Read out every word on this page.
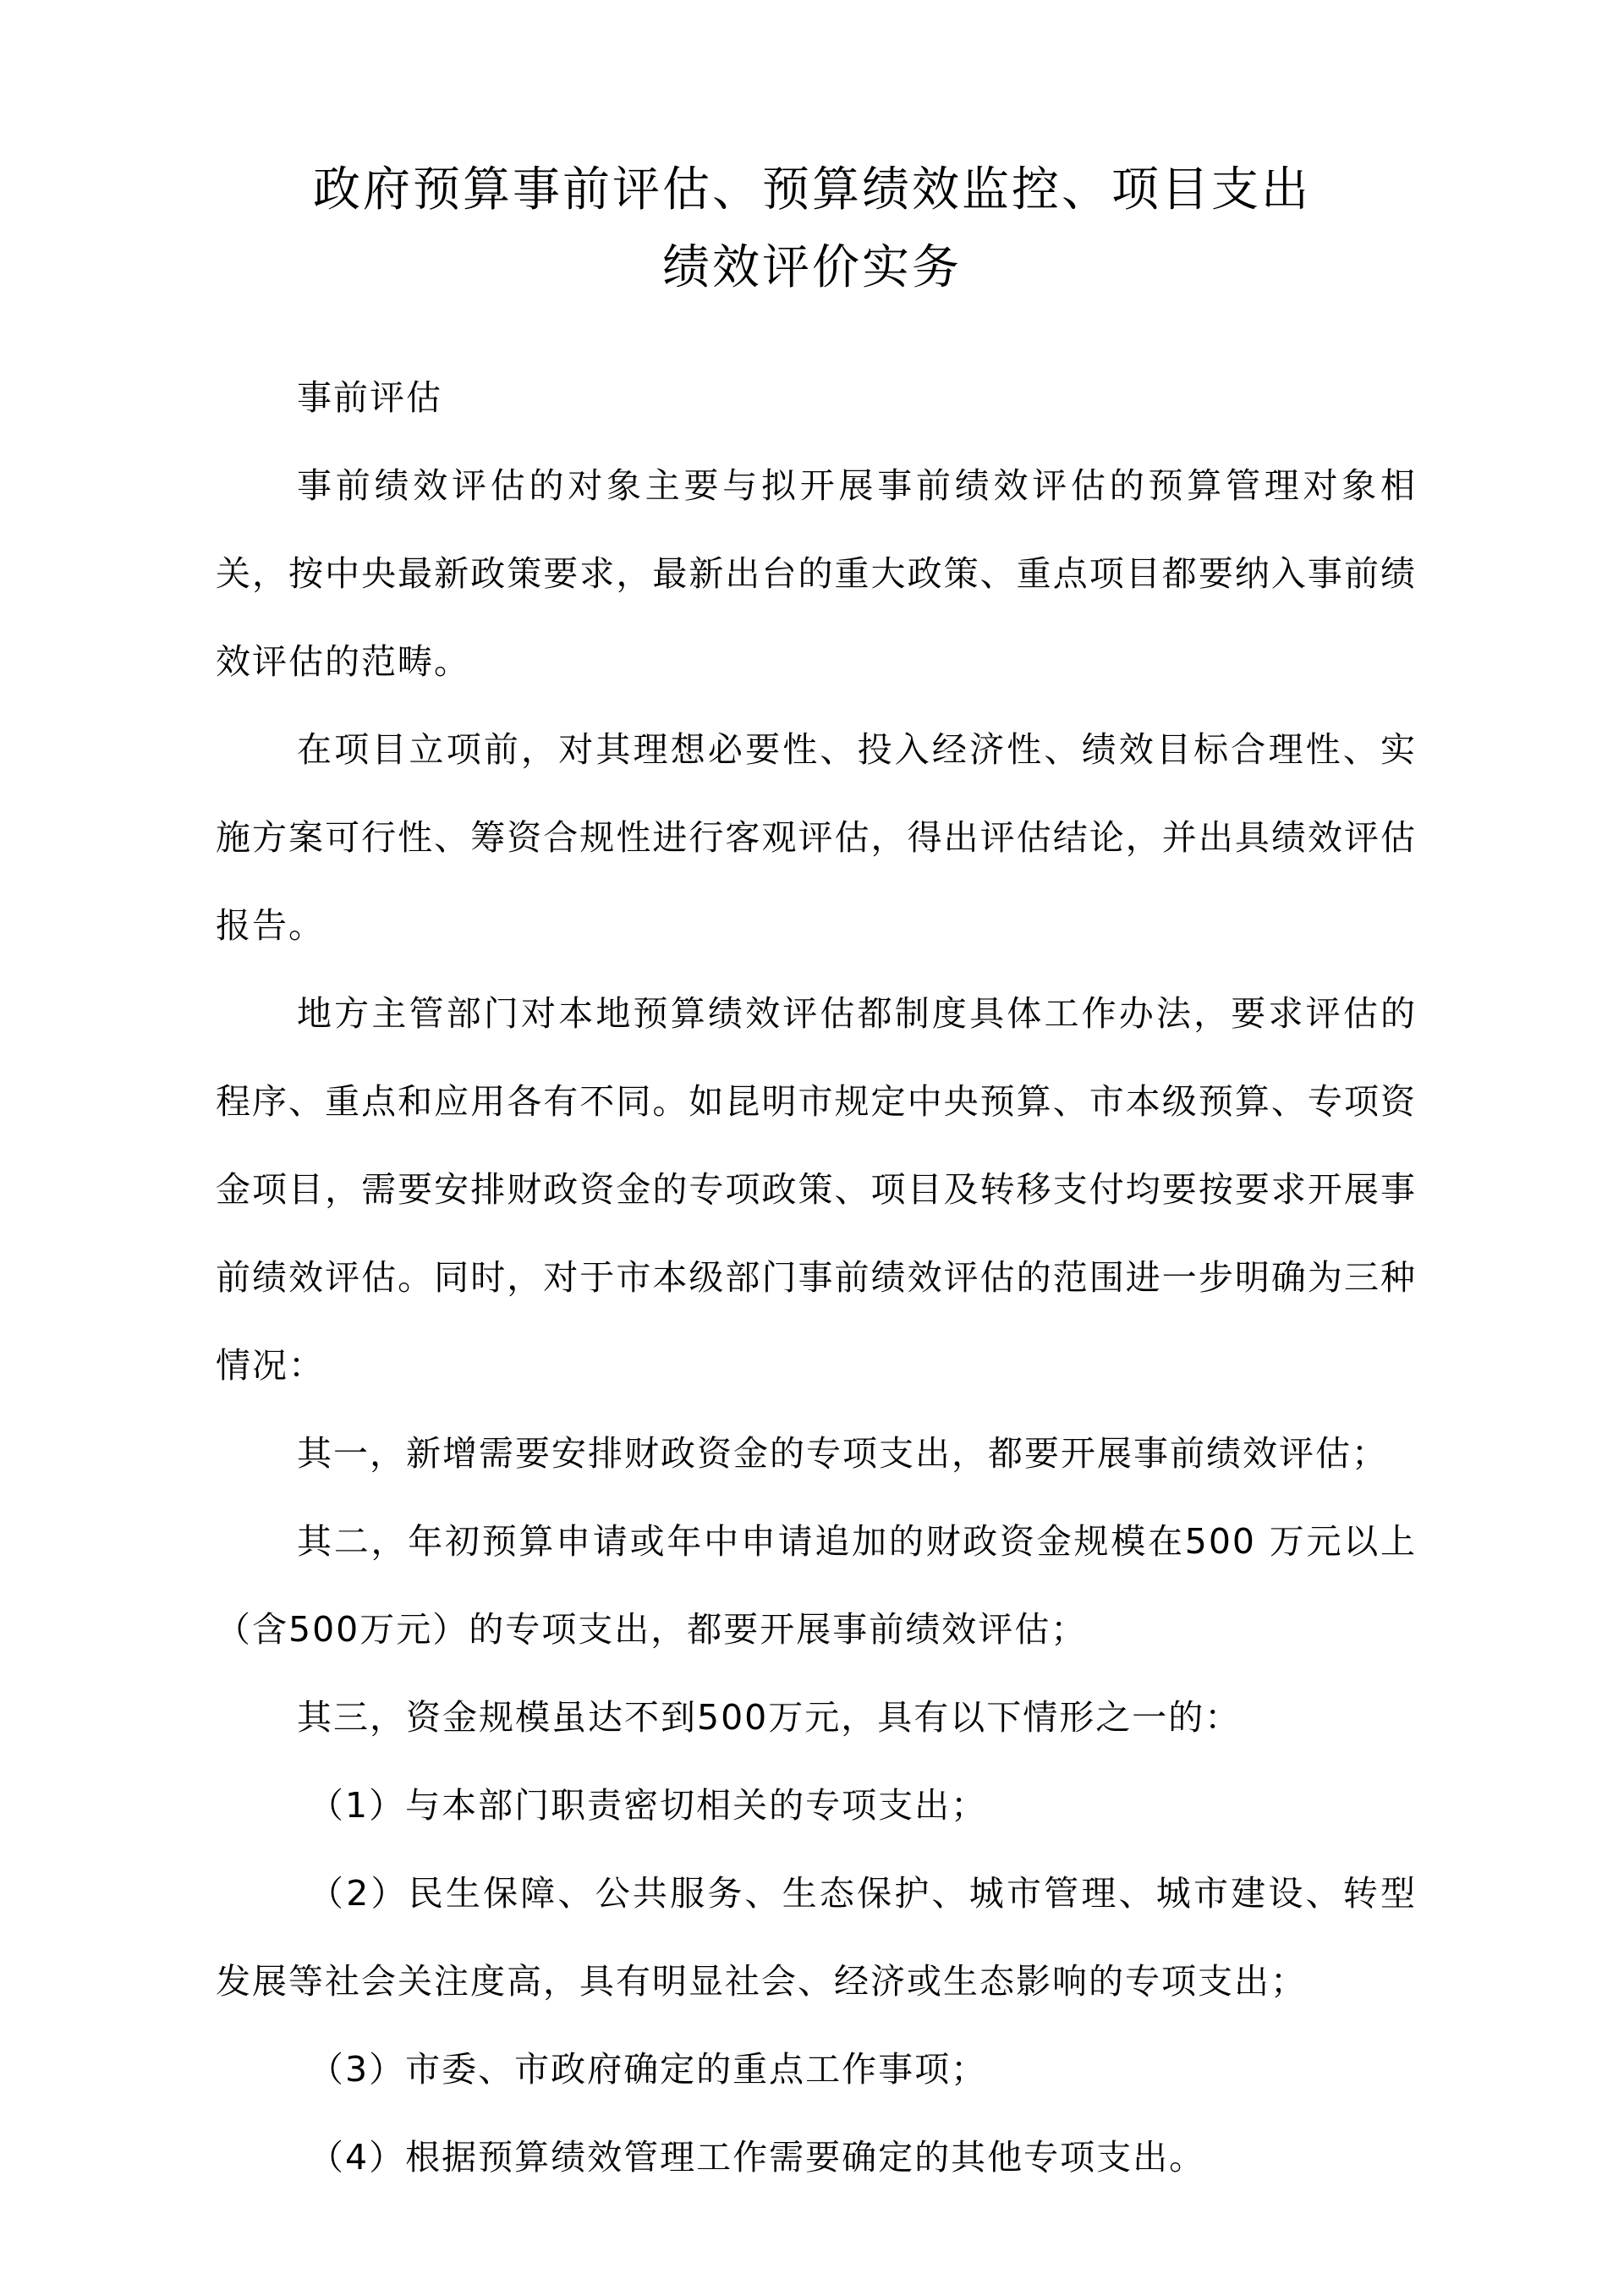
政府预算事前评估、预算绩效监控、项目支出
绩效评价实务

事前评估

事前绩效评估的对象主要与拟开展事前绩效评估的预算管理对象相关，按中央最新政策要求，最新出台的重大政策、重点项目都要纳入事前绩效评估的范畴。

在项目立项前，对其理想必要性、投入经济性、绩效目标合理性、实施方案可行性、筹资合规性进行客观评估，得出评估结论，并出具绩效评估报告。

地方主管部门对本地预算绩效评估都制度具体工作办法，要求评估的程序、重点和应用各有不同。如昆明市规定中央预算、市本级预算、专项资金项目，需要安排财政资金的专项政策、项目及转移支付均要按要求开展事前绩效评估。同时，对于市本级部门事前绩效评估的范围进一步明确为三种情况：

其一，新增需要安排财政资金的专项支出，都要开展事前绩效评估；

其二，年初预算申请或年中申请追加的财政资金规模在500 万元以上（含500万元）的专项支出，都要开展事前绩效评估；

其三，资金规模虽达不到500万元，具有以下情形之一的：

（1）与本部门职责密切相关的专项支出；

（2）民生保障、公共服务、生态保护、城市管理、城市建设、转型发展等社会关注度高，具有明显社会、经济或生态影响的专项支出；

（3）市委、市政府确定的重点工作事项；

（4）根据预算绩效管理工作需要确定的其他专项支出。
